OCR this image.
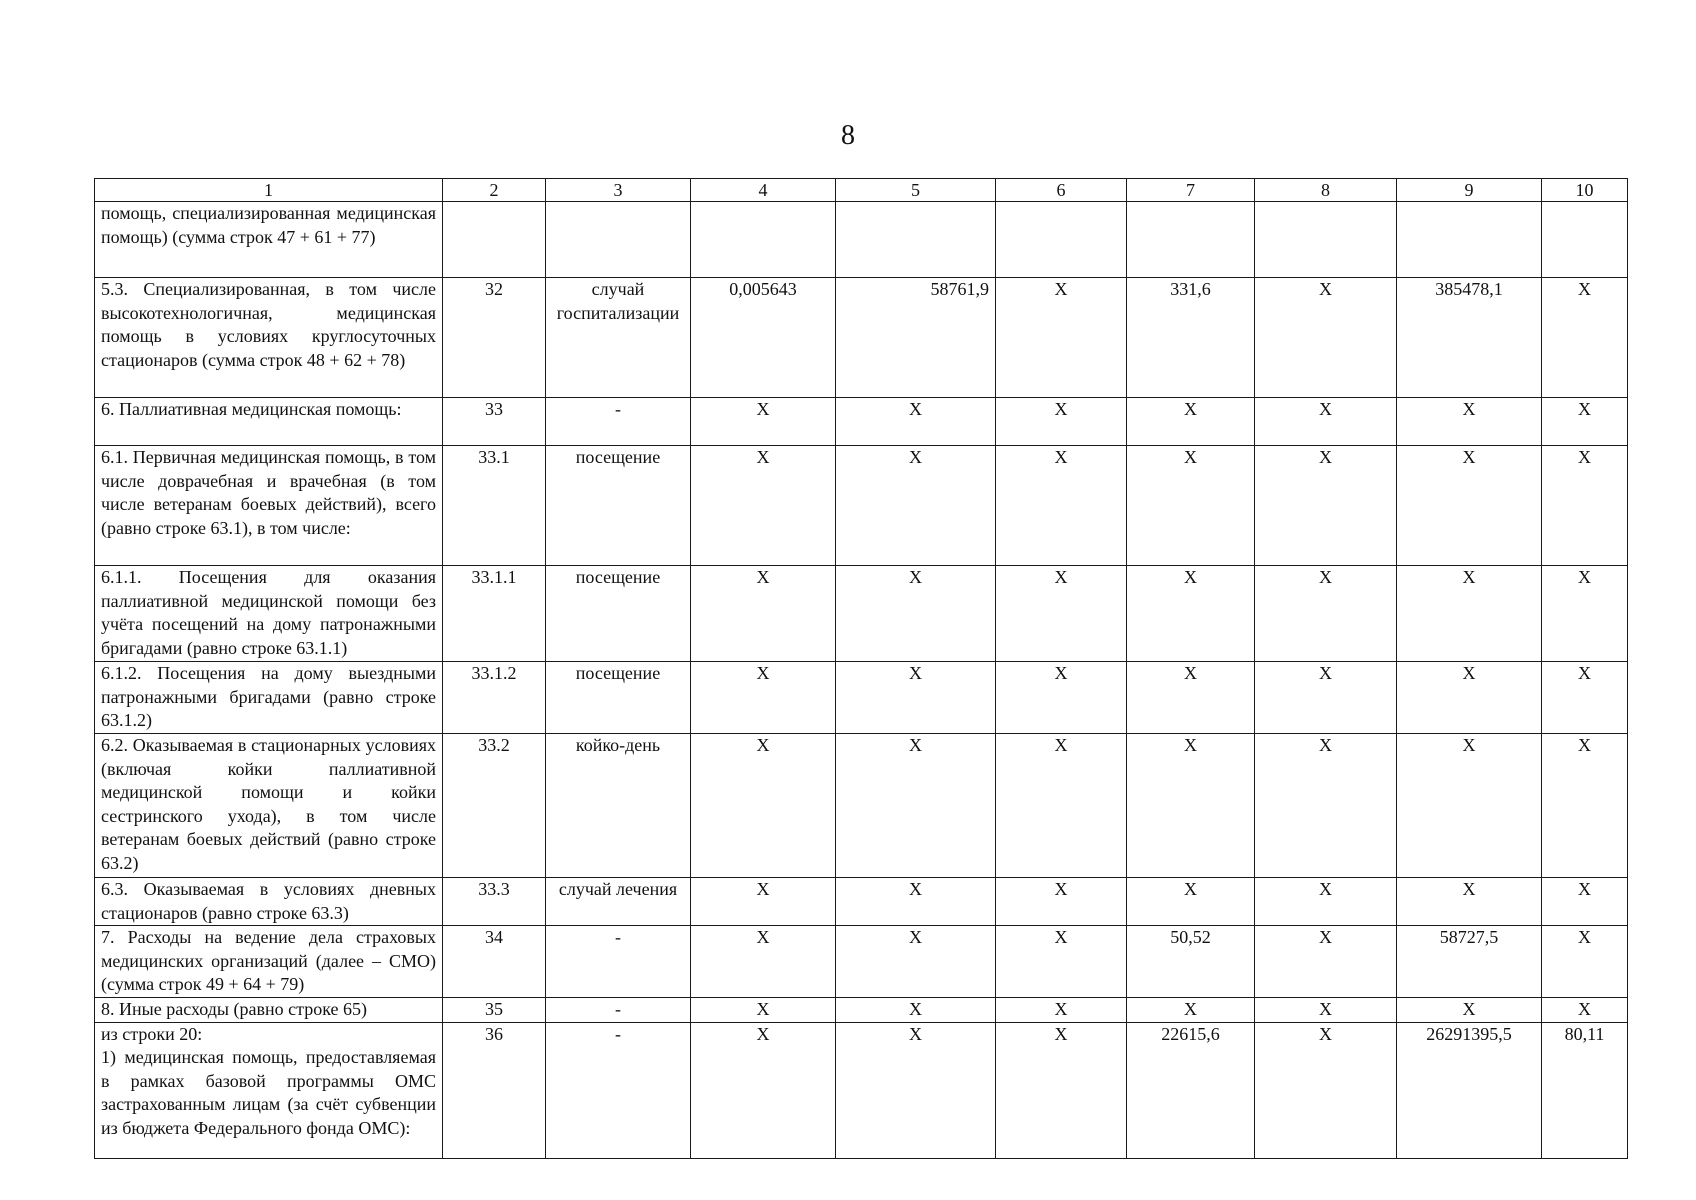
8
1	2	3	4	5	6	7	8	9	10
помощь, специализированная медицинская помощь) (сумма строк 47 + 61 + 77)									
5.3. Специализированная, в том числе высокотехнологичная, медицинская помощь в условиях круглосуточных стационаров (сумма строк 48 + 62 + 78)	32	случай госпитализации	0,005643	58761,9	Х	331,6	Х	385478,1	Х
6. Паллиативная медицинская помощь:	33	-	Х	Х	Х	Х	Х	Х	Х
6.1. Первичная медицинская помощь, в том числе доврачебная и врачебная (в том числе ветеранам боевых действий), всего (равно строке 63.1), в том числе:	33.1	посещение	Х	Х	Х	Х	Х	Х	Х
6.1.1. Посещения для оказания паллиативной медицинской помощи без учёта посещений на дому патронажными бригадами (равно строке 63.1.1)	33.1.1	посещение	Х	Х	Х	Х	Х	Х	Х
6.1.2. Посещения на дому выездными патронажными бригадами (равно строке 63.1.2)	33.1.2	посещение	Х	Х	Х	Х	Х	Х	Х
6.2. Оказываемая в стационарных условиях (включая койки паллиативной медицинской помощи и койки сестринского ухода), в том числе ветеранам боевых действий (равно строке 63.2)	33.2	койко-день	Х	Х	Х	Х	Х	Х	Х
6.3. Оказываемая в условиях дневных стационаров (равно строке 63.3)	33.3	случай лечения	Х	Х	Х	Х	Х	Х	Х
7. Расходы на ведение дела страховых медицинских организаций (далее – СМО) (сумма строк 49 + 64 + 79)	34	-	Х	Х	Х	50,52	Х	58727,5	Х
8. Иные расходы (равно строке 65)	35	-	Х	Х	Х	Х	Х	Х	Х

из строки 20:
1) медицинская помощь, предоставляемая в рамках базовой программы ОМС застрахованным лицам (за счёт субвенции из бюджета Федерального фонда ОМС):	36	-	Х	Х	Х	22615,6	Х	26291395,5	80,11
